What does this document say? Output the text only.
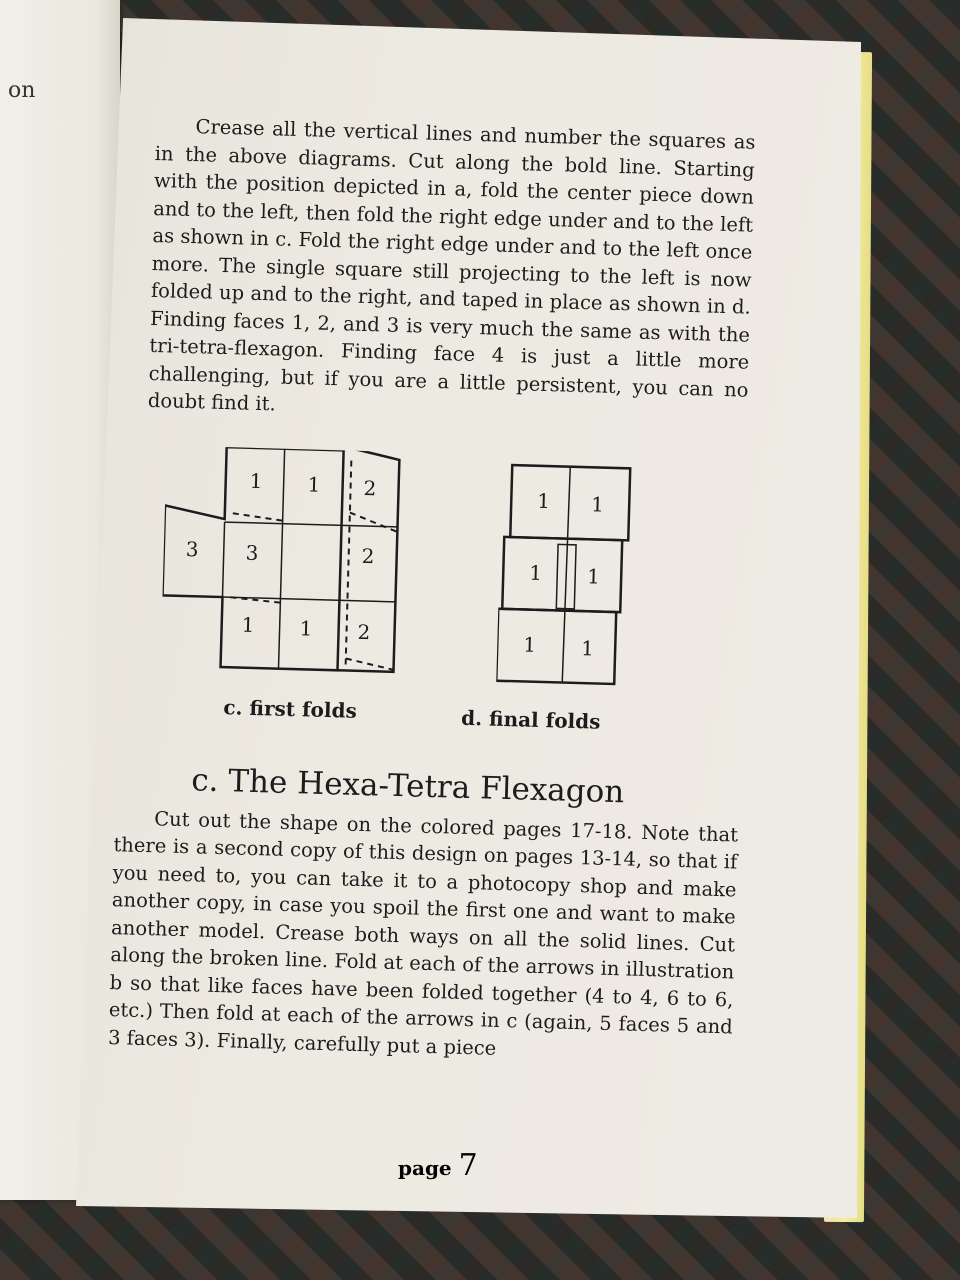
on

Crease all the vertical lines and number the squares as in the above diagrams. Cut along the bold line. Starting with the position depicted in a, fold the center piece down and to the left, then fold the right edge under and to the left as shown in c. Fold the right edge under and to the left once more. The single square still projecting to the left is now folded up and to the right, and taped in place as shown in d. Finding faces 1, 2, and 3 is very much the same as with the tri-tetra-flexagon. Finding face 4 is just a little more challenging, but if you are a little persistent, you can no doubt find it.

1 1 2
3 3	2
1 1 2
1 1
1 1
1 1
c. first folds	d. final folds
c. The Hexa-Tetra Flexagon

Cut out the shape on the colored pages 17-18. Note that there is a second copy of this design on pages 13-14, so that if you need to, you can take it to a photocopy shop and make another copy, in case you spoil the first one and want to make another model. Crease both ways on all the solid lines. Cut along the broken line. Fold at each of the arrows in illustration b so that like faces have been folded together (4 to 4, 6 to 6, etc.) Then fold at each of the arrows in c (again, 5 faces 5 and 3 faces 3). Finally, carefully put a piece

page 7
